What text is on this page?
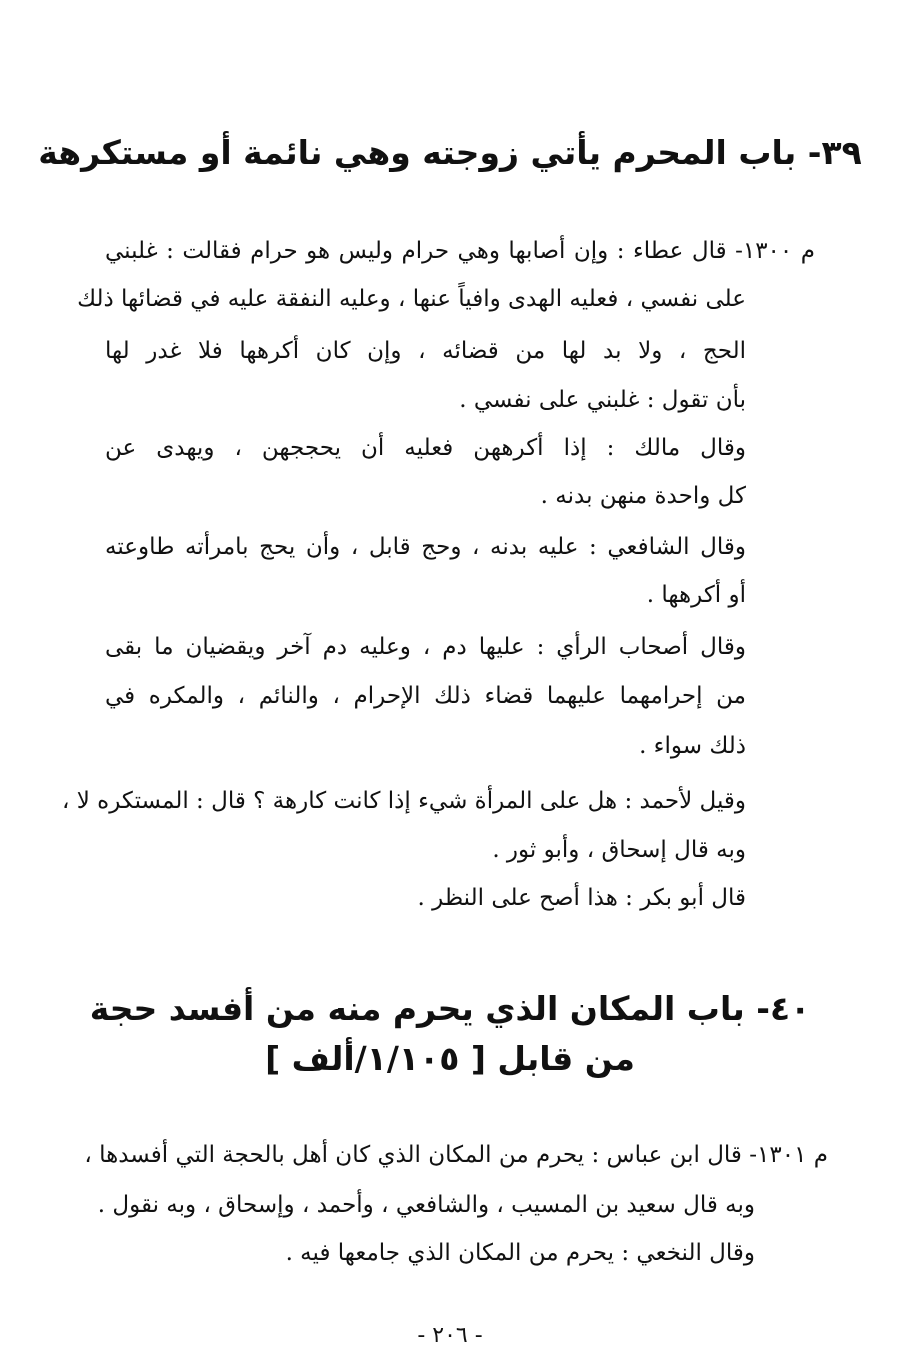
٣٩- باب المحرم يأتي زوجته وهي نائمة أو مستكرهة

م ١٣٠٠- قال عطاء : وإن أصابها وهي حرام وليس هو حرام فقالت : غلبني

على نفسي ، فعليه الهدى وافياً عنها ، وعليه النفقة عليه في قضائها ذلك

الحج ، ولا بد لها من قضائه ، وإن كان أكرهها فلا غدر لها

بأن تقول : غلبني على نفسي .

وقال مالك : إذا أكرههن فعليه أن يحججهن ، ويهدى عن

كل واحدة منهن بدنه .

وقال الشافعي : عليه بدنه ، وحج قابل ، وأن يحج بامرأته طاوعته

أو أكرهها .

وقال أصحاب الرأي : عليها دم ، وعليه دم آخر ويقضيان ما بقى

من إحرامهما عليهما قضاء ذلك الإحرام ، والنائم ، والمكره في

ذلك سواء .

وقيل لأحمد : هل على المرأة شيء إذا كانت كارهة ؟ قال : المستكره لا ،

وبه قال إسحاق ، وأبو ثور .

قال أبو بكر : هذا أصح على النظر .

٤٠- باب المكان الذي يحرم منه من أفسد حجة
من قابل [ ١/١٠٥/ألف ]

م ١٣٠١- قال ابن عباس : يحرم من المكان الذي كان أهل بالحجة التي أفسدها ،

وبه قال سعيد بن المسيب ، والشافعي ، وأحمد ، وإسحاق ، وبه نقول .

وقال النخعي : يحرم من المكان الذي جامعها فيه .

- ٢٠٦ -
